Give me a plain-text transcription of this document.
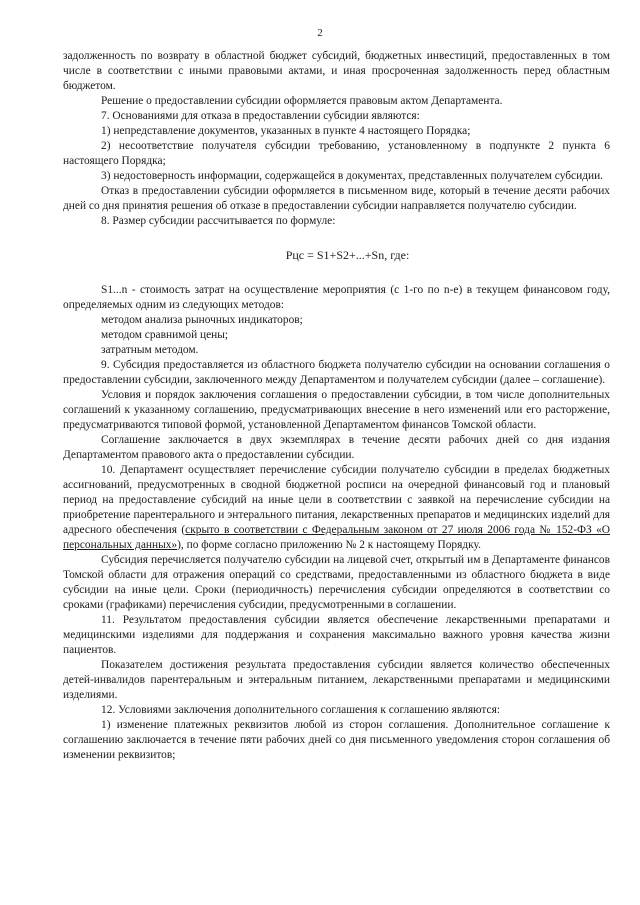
2

задолженность по возврату в областной бюджет субсидий, бюджетных инвестиций, предоставленных в том числе в соответствии с иными правовыми актами, и иная просроченная задолженность перед областным бюджетом.

Решение о предоставлении субсидии оформляется правовым актом Департамента.

7. Основаниями для отказа в предоставлении субсидии являются:

1) непредставление документов, указанных в пункте 4 настоящего Порядка;

2) несоответствие получателя субсидии требованию, установленному в подпункте 2 пункта 6 настоящего Порядка;

3) недостоверность информации, содержащейся в документах, представленных получателем субсидии.

Отказ в предоставлении субсидии оформляется в письменном виде, который в течение десяти рабочих дней со дня принятия решения об отказе в предоставлении субсидии направляется получателю субсидии.

8. Размер субсидии рассчитывается по формуле:

Рцс = S1+S2+...+Sn, где:

S1...n - стоимость затрат на осуществление мероприятия (с 1-го по n-е) в текущем финансовом году, определяемых одним из следующих методов:

методом анализа рыночных индикаторов;

методом сравнимой цены;

затратным методом.

9. Субсидия предоставляется из областного бюджета получателю субсидии на основании соглашения о предоставлении субсидии, заключенного между Департаментом и получателем субсидии (далее – соглашение).

Условия и порядок заключения соглашения о предоставлении субсидии, в том числе дополнительных соглашений к указанному соглашению, предусматривающих внесение в него изменений или его расторжение, предусматриваются типовой формой, установленной Департаментом финансов Томской области.

Соглашение заключается в двух экземплярах в течение десяти рабочих дней со дня издания Департаментом правового акта о предоставлении субсидии.

10. Департамент осуществляет перечисление субсидии получателю субсидии в пределах бюджетных ассигнований, предусмотренных в сводной бюджетной росписи на очередной финансовый год и плановый период на предоставление субсидий на иные цели в соответствии с заявкой на перечисление субсидии на приобретение парентерального и энтерального питания, лекарственных препаратов и медицинских изделий для адресного обеспечения (скрыто в соответствии с Федеральным законом от 27 июля 2006 года № 152-ФЗ «О персональных данных»), по форме согласно приложению № 2 к настоящему Порядку.

Субсидия перечисляется получателю субсидии на лицевой счет, открытый им в Департаменте финансов Томской области для отражения операций со средствами, предоставленными из областного бюджета в виде субсидии на иные цели. Сроки (периодичность) перечисления субсидии определяются в соответствии со сроками (графиками) перечисления субсидии, предусмотренными в соглашении.

11. Результатом предоставления субсидии является обеспечение лекарственными препаратами и медицинскими изделиями для поддержания и сохранения максимально важного уровня качества жизни пациентов.

Показателем достижения результата предоставления субсидии является количество обеспеченных детей-инвалидов парентеральным и энтеральным питанием, лекарственными препаратами и медицинскими изделиями.

12. Условиями заключения дополнительного соглашения к соглашению являются:

1) изменение платежных реквизитов любой из сторон соглашения. Дополнительное соглашение к соглашению заключается в течение пяти рабочих дней со дня письменного уведомления сторон соглашения об изменении реквизитов;
